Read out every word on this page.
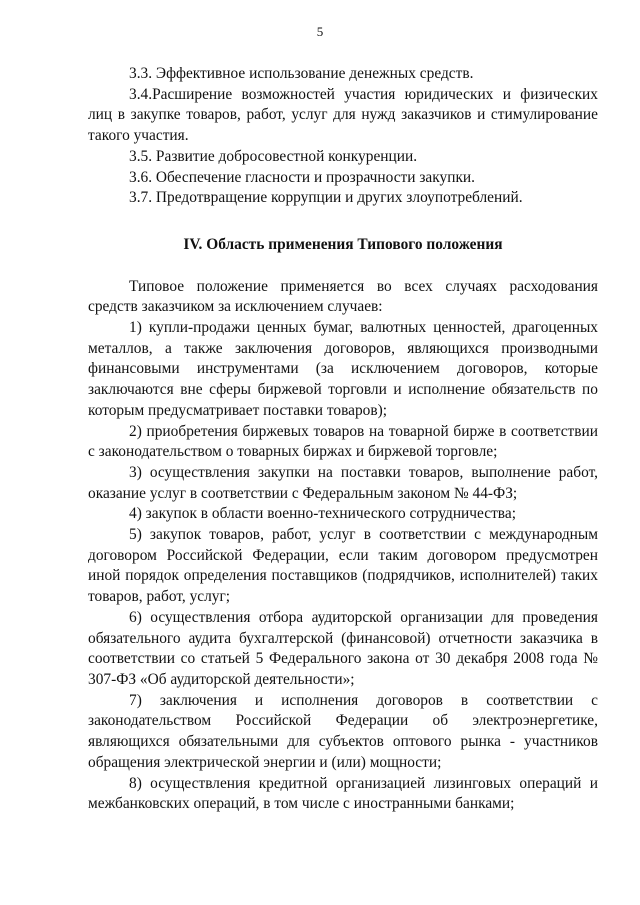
5

3.3. Эффективное использование денежных средств.

3.4.Расширение возможностей участия юридических и физических лиц в закупке товаров, работ, услуг для нужд заказчиков и стимулирование такого участия.

3.5. Развитие добросовестной конкуренции.

3.6. Обеспечение гласности и прозрачности закупки.

3.7. Предотвращение коррупции и других злоупотреблений.

IV. Область применения Типового положения

Типовое положение применяется во всех случаях расходования средств заказчиком за исключением случаев:

1) купли-продажи ценных бумаг, валютных ценностей, драгоценных металлов, а также заключения договоров, являющихся производными финансовыми инструментами (за исключением договоров, которые заключаются вне сферы биржевой торговли и исполнение обязательств по которым предусматривает поставки товаров);

2) приобретения биржевых товаров на товарной бирже в соответствии с законодательством о товарных биржах и биржевой торговле;

3) осуществления закупки на поставки товаров, выполнение работ, оказание услуг в соответствии с Федеральным законом № 44-ФЗ;

4) закупок в области военно-технического сотрудничества;

5) закупок товаров, работ, услуг в соответствии с международным договором Российской Федерации, если таким договором предусмотрен иной порядок определения поставщиков (подрядчиков, исполнителей) таких товаров, работ, услуг;

6) осуществления отбора аудиторской организации для проведения обязательного аудита бухгалтерской (финансовой) отчетности заказчика в соответствии со статьей 5 Федерального закона от 30 декабря 2008 года № 307-ФЗ «Об аудиторской деятельности»;

7) заключения и исполнения договоров в соответствии с законодательством Российской Федерации об электроэнергетике, являющихся обязательными для субъектов оптового рынка - участников обращения электрической энергии и (или) мощности;

8) осуществления кредитной организацией лизинговых операций и межбанковских операций, в том числе с иностранными банками;
